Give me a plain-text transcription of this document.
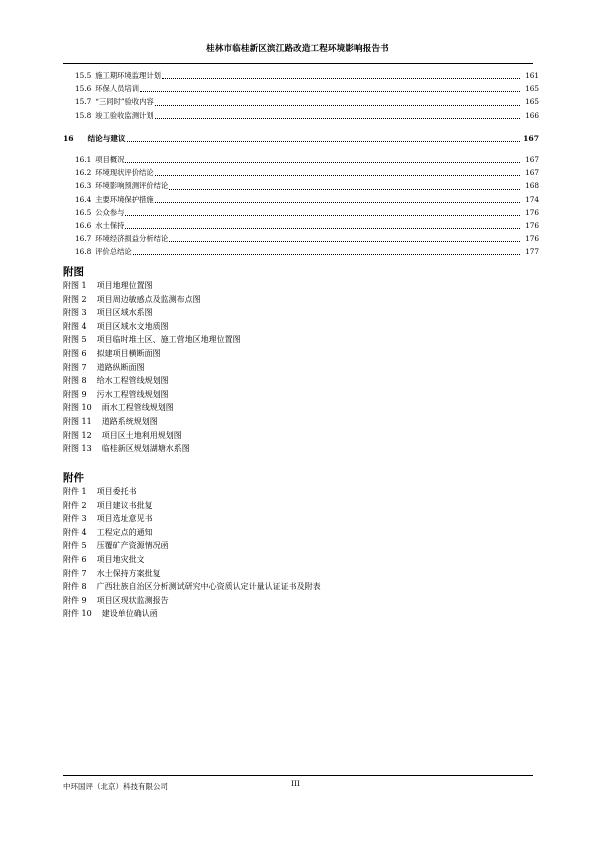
桂林市临桂新区滨江路改造工程环境影响报告书
15.5 施工期环境监理计划	161
15.6 环保人员培训	165
15.7 “三同时”验收内容	165
15.8 竣工验收监测计划	166
16 结论与建议	167
16.1 项目概况	167
16.2 环境现状评价结论	167
16.3 环境影响预测评价结论	168
16.4 主要环境保护措施	174
16.5 公众参与	176
16.6 水土保持	176
16.7 环境经济损益分析结论	176
16.8 评价总结论	177
附图
附图 1 项目地理位置图
附图 2 项目周边敏感点及监测布点图
附图 3 项目区域水系图
附图 4 项目区域水文地质图
附图 5 项目临时堆土区、施工营地区地理位置图
附图 6 拟建项目横断面图
附图 7 道路纵断面图
附图 8 给水工程管线规划图
附图 9 污水工程管线规划图
附图 10 雨水工程管线规划图
附图 11 道路系统规划图
附图 12 项目区土地利用规划图
附图 13 临桂新区规划湖塘水系图
附件
附件 1 项目委托书
附件 2 项目建议书批复
附件 3 项目选址意见书
附件 4 工程定点的通知
附件 5 压覆矿产资源情况函
附件 6 项目地灾批文
附件 7 水土保持方案批复
附件 8 广西壮族自治区分析测试研究中心资质认定计量认证证书及附表
附件 9 项目区现状监测报告
附件 10 建设单位确认函
中环国评（北京）科技有限公司	III
